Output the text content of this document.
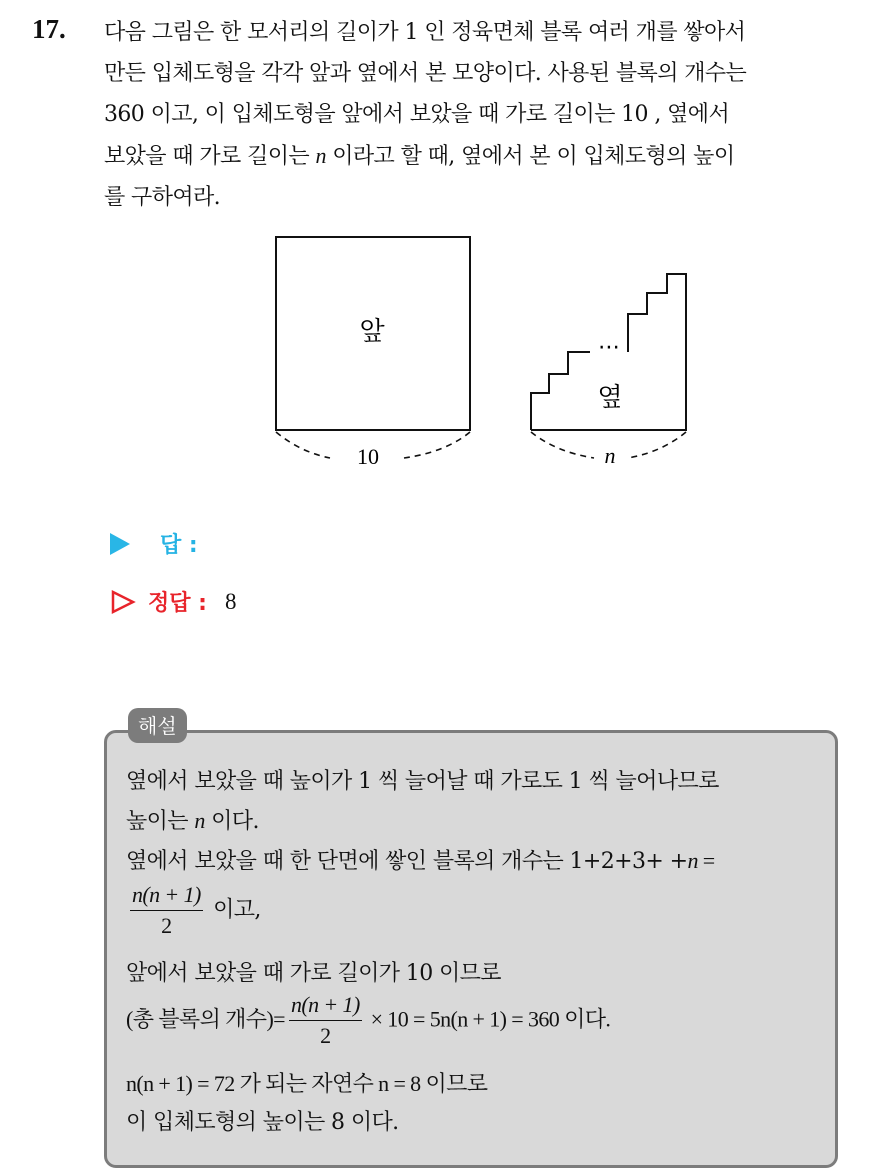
17. 다음 그림은 한 모서리의 길이가 1 인 정육면체 블록 여러 개를 쌓아서
만든 입체도형을 각각 앞과 옆에서 본 모양이다. 사용된 블록의 개수는
360 이고, 이 입체도형을 앞에서 보았을 때 가로 길이는 10 , 옆에서
보았을 때 가로 길이는 n 이라고 할 때, 옆에서 본 이 입체도형의 높이
를 구하여라.
앞
10
⋯
옆
n
답 :
정답 : 8
해설
옆에서 보았을 때 높이가 1 씩 늘어날 때 가로도 1 씩 늘어나므로
높이는 n 이다.
옆에서 보았을 때 한 단면에 쌓인 블록의 개수는 1+2+3+ +n =
$\frac{n(n + 1)}{2}$ 이고,
앞에서 보았을 때 가로 길이가 10 이므로
(총 블록의 개수)= $\frac{n(n + 1)}{2} \times 10 = 5n(n + 1) = 360$ 이다.
n(n + 1) = 72 가 되는 자연수 n = 8 이므로
이 입체도형의 높이는 8 이다.
